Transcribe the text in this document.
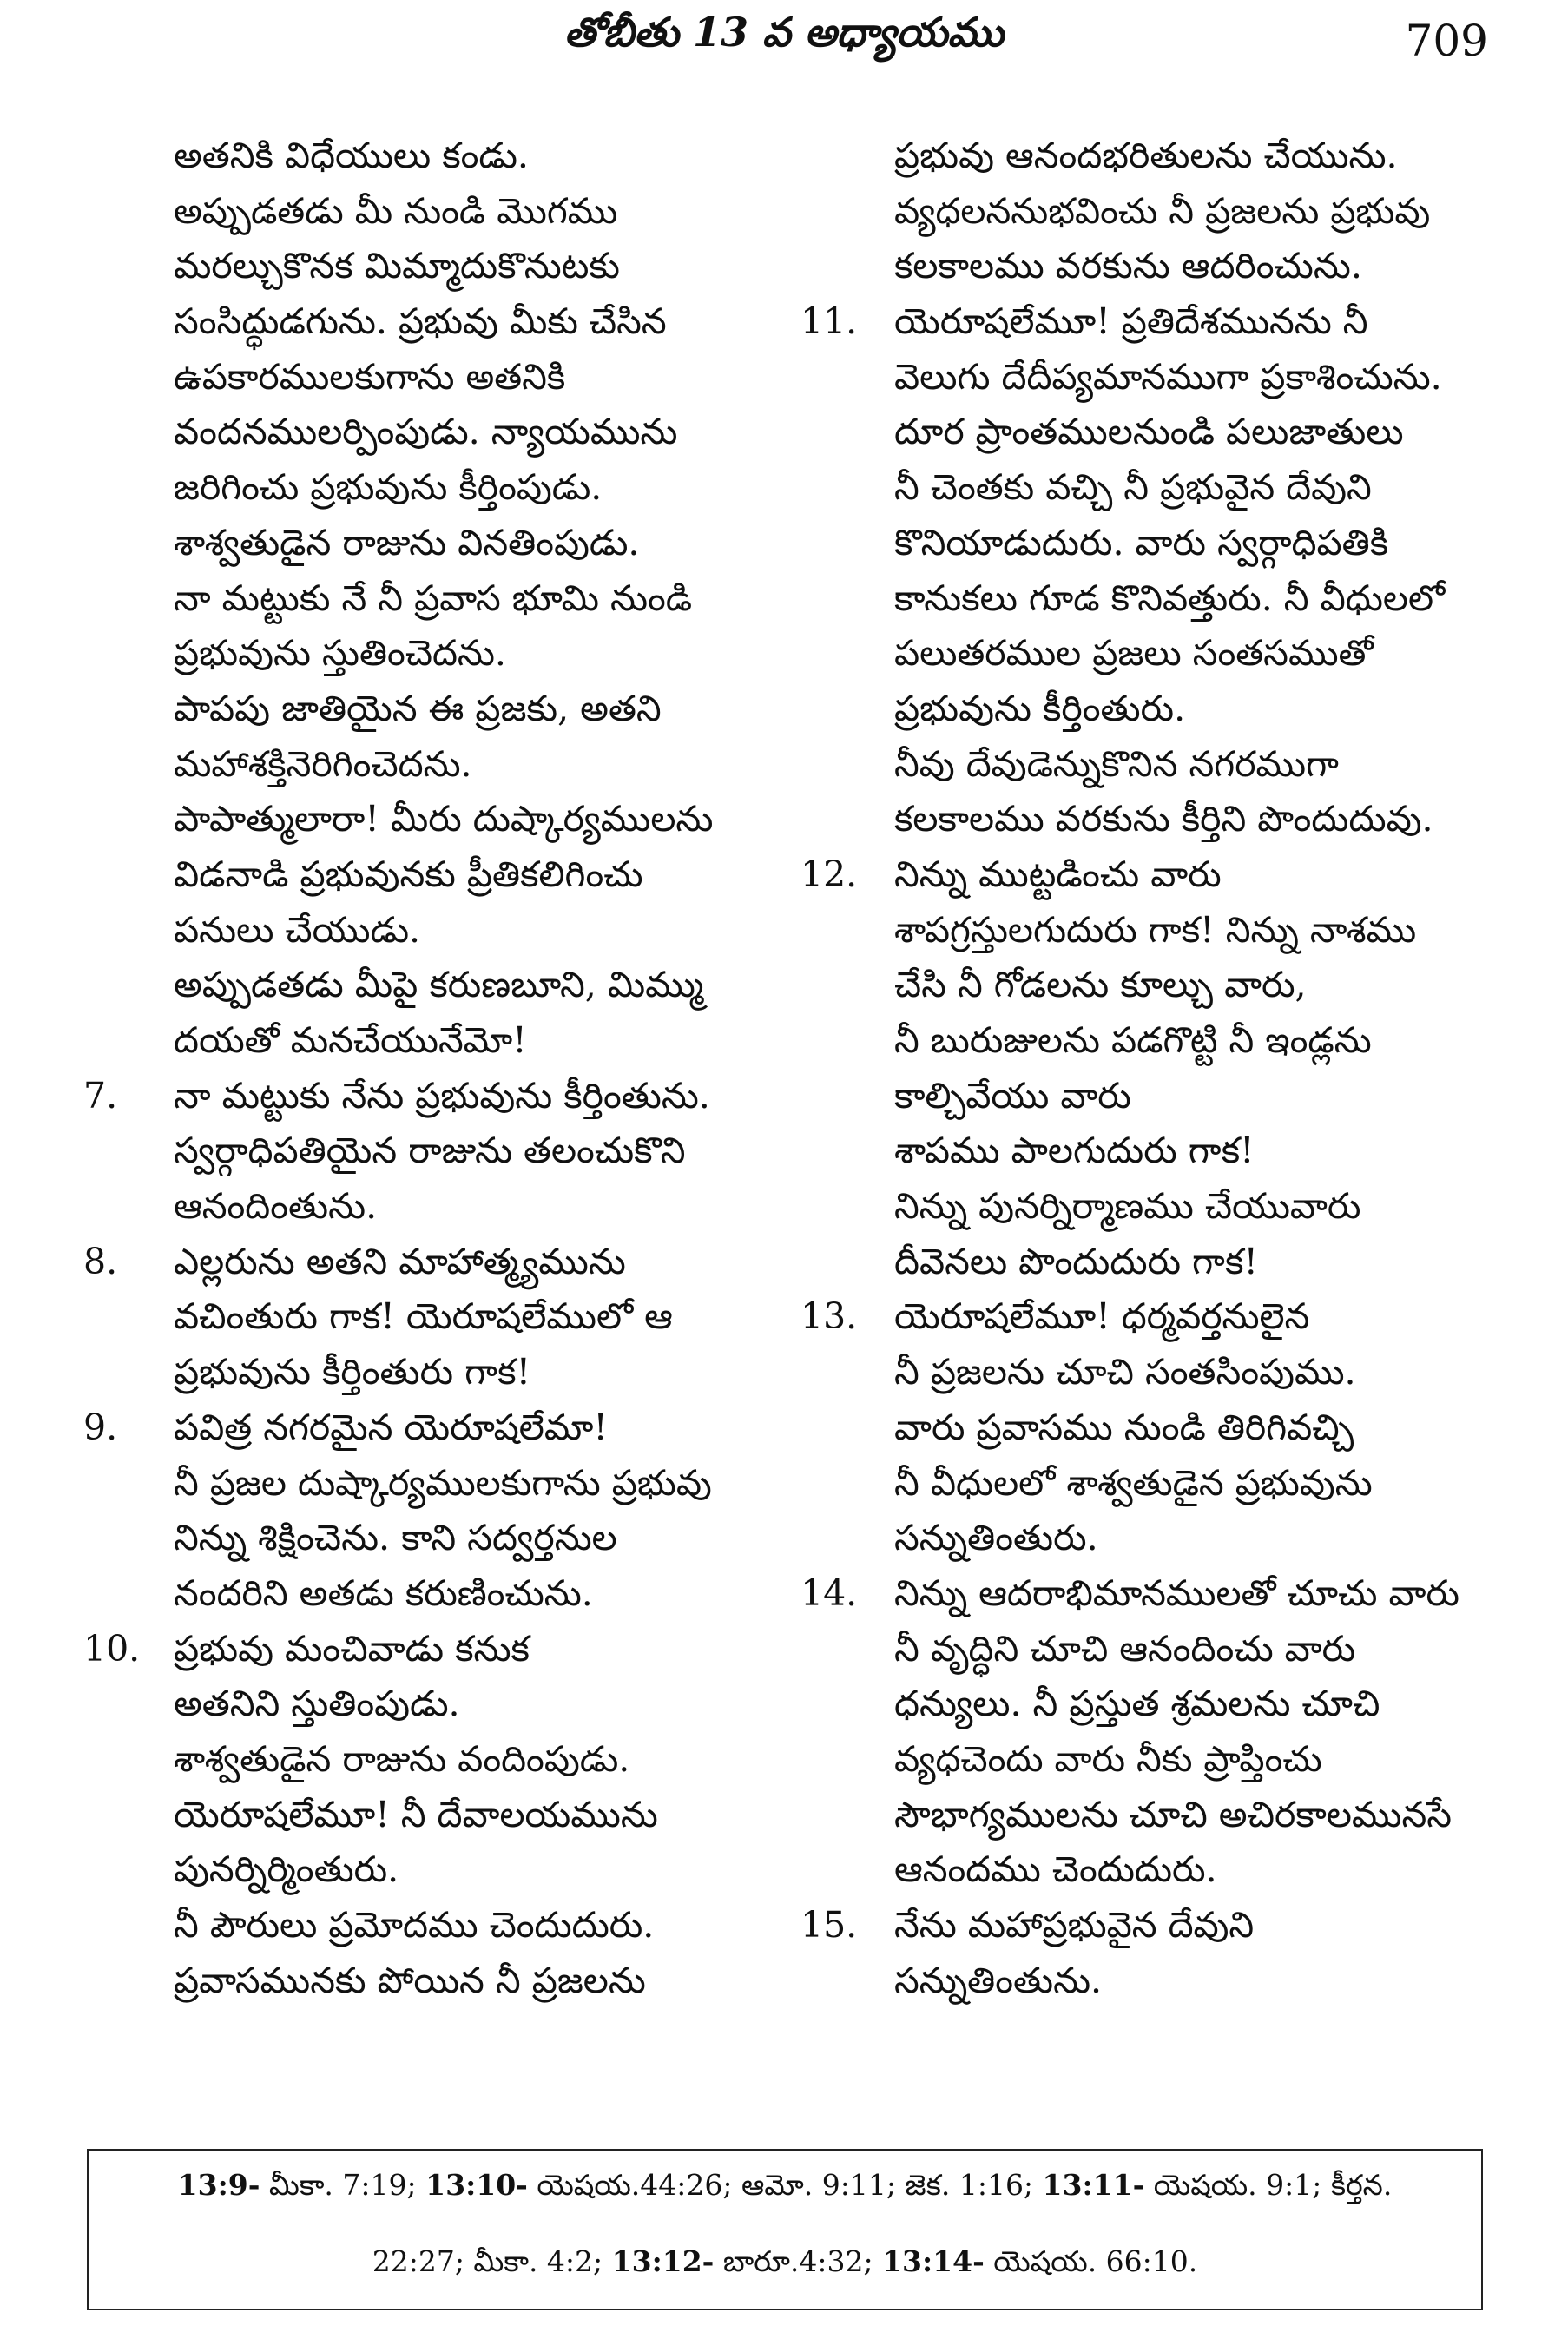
తోబీతు 13 వ అధ్యాయము	709
అతనికి విధేయులు కండు.
అప్పుడతడు మీ నుండి మొగము
మరల్చుకొనక మిమ్మాదుకొనుటకు
సంసిద్ధుడగును. ప్రభువు మీకు చేసిన
ఉపకారములకుగాను అతనికి
వందనములర్పింపుడు. న్యాయమును
జరిగించు ప్రభువును కీర్తింపుడు.
శాశ్వతుడైన రాజును వినతింపుడు.
నా మట్టుకు నే నీ ప్రవాస భూమి నుండి
ప్రభువును స్తుతించెదను.
పాపపు జాతియైన ఈ ప్రజకు, అతని
మహాశక్తినెరిగించెదను.
పాపాత్ములారా! మీరు దుష్కార్యములను
విడనాడి ప్రభువునకు ప్రీతికలిగించు
పనులు చేయుడు.
అప్పుడతడు మీపై కరుణబూని, మిమ్ము
దయతో మనచేయునేమో!
7.	నా మట్టుకు నేను ప్రభువును కీర్తింతును.
స్వర్గాధిపతియైన రాజును తలంచుకొని
ఆనందింతును.
8.	ఎల్లరును అతని మాహాత్మ్యమును
వచింతురు గాక! యెరూషలేములో ఆ
ప్రభువును కీర్తింతురు గాక!
9.	పవిత్ర నగరమైన యెరూషలేమా!
నీ ప్రజల దుష్కార్యములకుగాను ప్రభువు
నిన్ను శిక్షించెను. కాని సద్వర్తనుల
నందరిని అతడు కరుణించును.
10. ప్రభువు మంచివాడు కనుక
అతనిని స్తుతింపుడు.
శాశ్వతుడైన రాజును వందింపుడు.
యెరూషలేమూ! నీ దేవాలయమును
పునర్నిర్మింతురు.
నీ పౌరులు ప్రమోదము చెందుదురు.
ప్రవాసమునకు పోయిన నీ ప్రజలను
ప్రభువు ఆనందభరితులను చేయును.
వ్యధలననుభవించు నీ ప్రజలను ప్రభువు
కలకాలము వరకును ఆదరించును.
11.	యెరూషలేమూ! ప్రతిదేశమునను నీ
వెలుగు దేదీప్యమానముగా ప్రకాశించును.
దూర ప్రాంతములనుండి పలుజాతులు
నీ చెంతకు వచ్చి నీ ప్రభువైన దేవుని
కొనియాడుదురు. వారు స్వర్గాధిపతికి
కానుకలు గూడ కొనివత్తురు. నీ వీధులలో
పలుతరముల ప్రజలు సంతసముతో
ప్రభువును కీర్తింతురు.
నీవు దేవుడెన్నుకొనిన నగరముగా
కలకాలము వరకును కీర్తిని పొందుదువు.
12.	నిన్ను ముట్టడించు వారు
శాపగ్రస్తులగుదురు గాక! నిన్ను నాశము
చేసి నీ గోడలను కూల్చు వారు,
నీ బురుజులను పడగొట్టి నీ ఇండ్లను
కాల్చివేయు వారు
శాపము పాలగుదురు గాక!
నిన్ను పునర్నిర్మాణము చేయువారు
దీవెనలు పొందుదురు గాక!
13.	యెరూషలేమూ! ధర్మవర్తనులైన
నీ ప్రజలను చూచి సంతసింపుము.
వారు ప్రవాసము నుండి తిరిగివచ్చి
నీ వీధులలో శాశ్వతుడైన ప్రభువును
సన్నుతింతురు.
14.	నిన్ను ఆదరాభిమానములతో చూచు వారు
నీ వృద్ధిని చూచి ఆనందించు వారు
ధన్యులు. నీ ప్రస్తుత శ్రమలను చూచి
వ్యధచెందు వారు నీకు ప్రాప్తించు
సౌభాగ్యములను చూచి అచిరకాలమునసే
ఆనందము చెందుదురు.
15.	నేను మహాప్రభువైన దేవుని
సన్నుతింతును.
13:9- మీకా. 7:19; 13:10- యెషయ.44:26; ఆమో. 9:11; జెక. 1:16; 13:11- యెషయ. 9:1; కీర్తన.
22:27; మీకా. 4:2; 13:12- బారూ.4:32; 13:14- యెషయ. 66:10.
